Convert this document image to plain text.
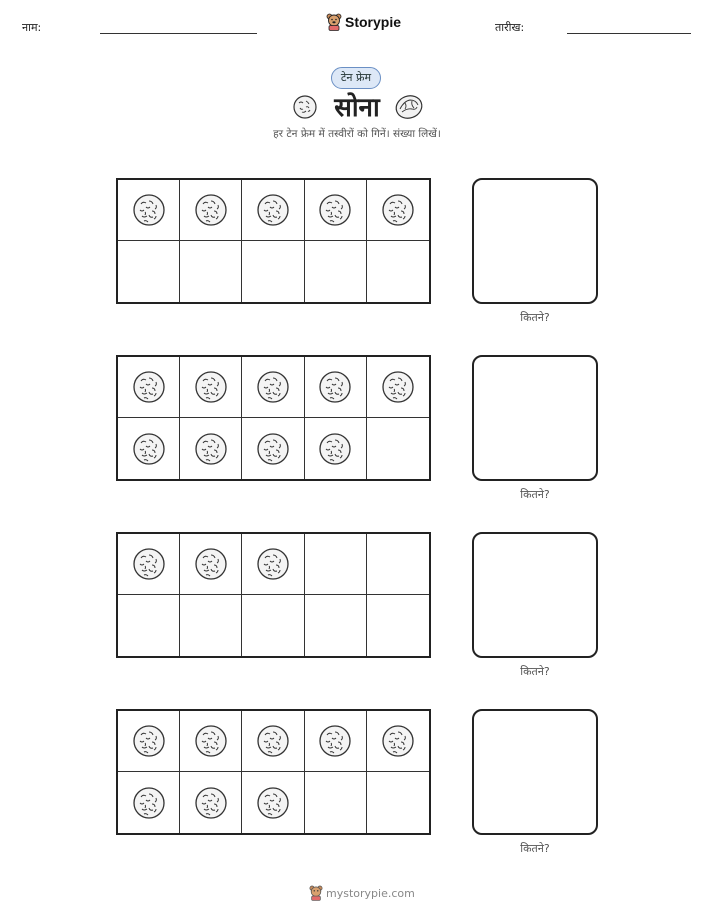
नाम:	Storypie	तारीख:
टेन फ्रेम
सोना
हर टेन फ्रेम में तस्वीरों को गिनें। संख्या लिखें।
कितने?
कितने?
कितने?
कितने?
mystorypie.com
